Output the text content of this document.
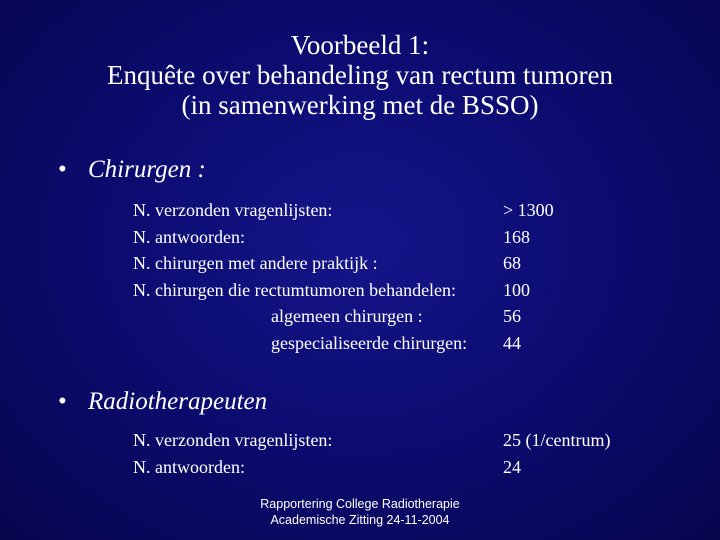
Voorbeeld 1:
Enquête over behandeling van rectum tumoren
(in samenwerking met de BSSO)
• Chirurgen :
N. verzonden vragenlijsten:	> 1300
N. antwoorden:	168
N. chirurgen met andere praktijk :	68
N. chirurgen die rectumtumoren behandelen:	100
algemeen chirurgen :	56
gespecialiseerde chirurgen: 44
• Radiotherapeuten
N. verzonden vragenlijsten:	25 (1/centrum)
N. antwoorden:	24
Rapportering College Radiotherapie
Academische Zitting 24-11-2004
